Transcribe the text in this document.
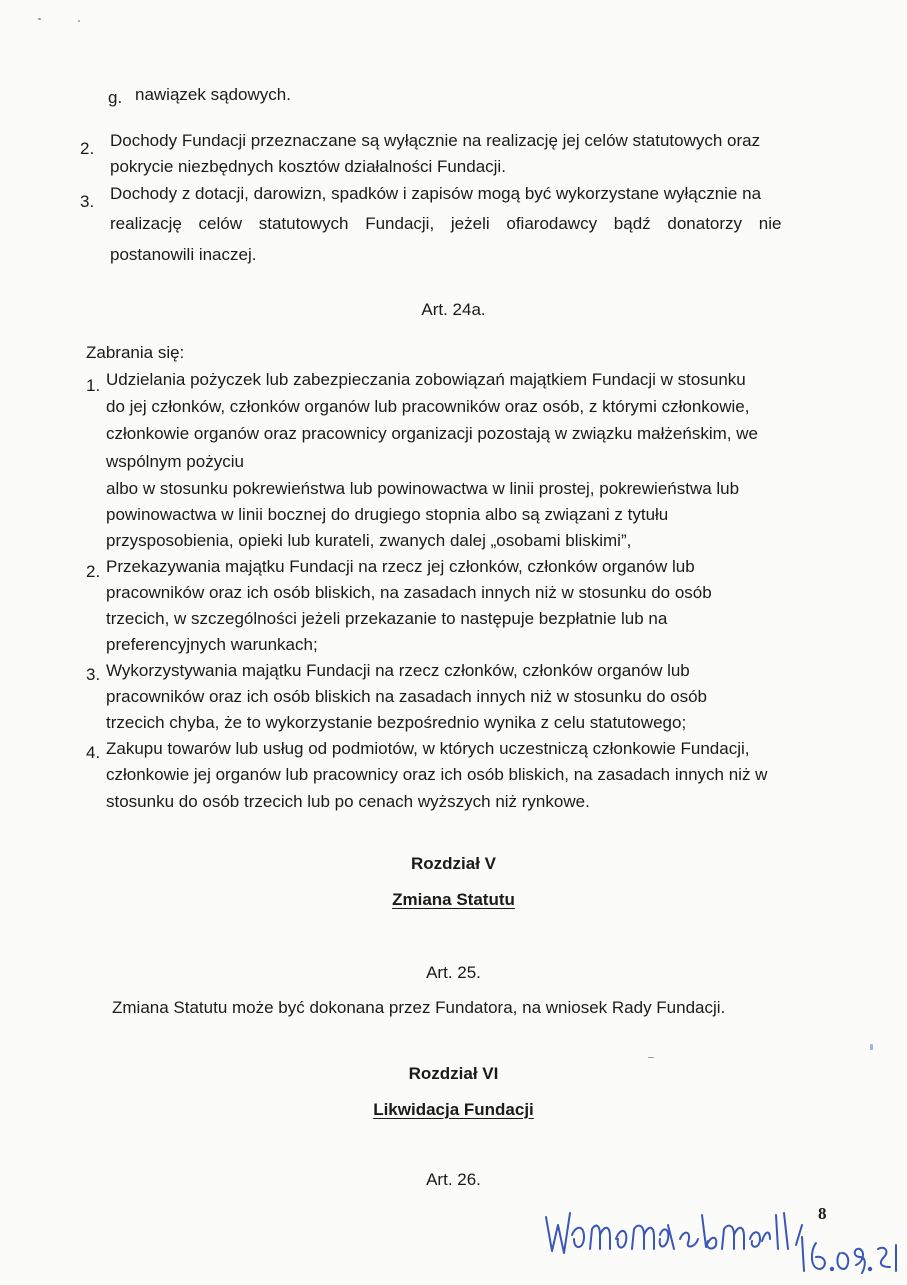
g. nawiązek sądowych.
2. Dochody Fundacji przeznaczane są wyłącznie na realizację jej celów statutowych oraz
pokrycie niezbędnych kosztów działalności Fundacji.
3. Dochody z dotacji, darowizn, spadków i zapisów mogą być wykorzystane wyłącznie na
realizację celów statutowych Fundacji, jeżeli ofiarodawcy bądź donatorzy nie
postanowili inaczej.
Art. 24a.
Zabrania się:
1. Udzielania pożyczek lub zabezpieczania zobowiązań majątkiem Fundacji w stosunku
do jej członków, członków organów lub pracowników oraz osób, z którymi członkowie,
członkowie organów oraz pracownicy organizacji pozostają w związku małżeńskim, we
wspólnym pożyciu
albo w stosunku pokrewieństwa lub powinowactwa w linii prostej, pokrewieństwa lub
powinowactwa w linii bocznej do drugiego stopnia albo są związani z tytułu
przysposobienia, opieki lub kurateli, zwanych dalej „osobami bliskimi”,
2. Przekazywania majątku Fundacji na rzecz jej członków, członków organów lub
pracowników oraz ich osób bliskich, na zasadach innych niż w stosunku do osób
trzecich, w szczególności jeżeli przekazanie to następuje bezpłatnie lub na
preferencyjnych warunkach;
3. Wykorzystywania majątku Fundacji na rzecz członków, członków organów lub
pracowników oraz ich osób bliskich na zasadach innych niż w stosunku do osób
trzecich chyba, że to wykorzystanie bezpośrednio wynika z celu statutowego;
4. Zakupu towarów lub usług od podmiotów, w których uczestniczą członkowie Fundacji,
członkowie jej organów lub pracownicy oraz ich osób bliskich, na zasadach innych niż w
stosunku do osób trzecich lub po cenach wyższych niż rynkowe.
Rozdział V
Zmiana Statutu
Art. 25.
Zmiana Statutu może być dokonana przez Fundatora, na wniosek Rady Fundacji.
Rozdział VI
Likwidacja Fundacji
Art. 26.
8
